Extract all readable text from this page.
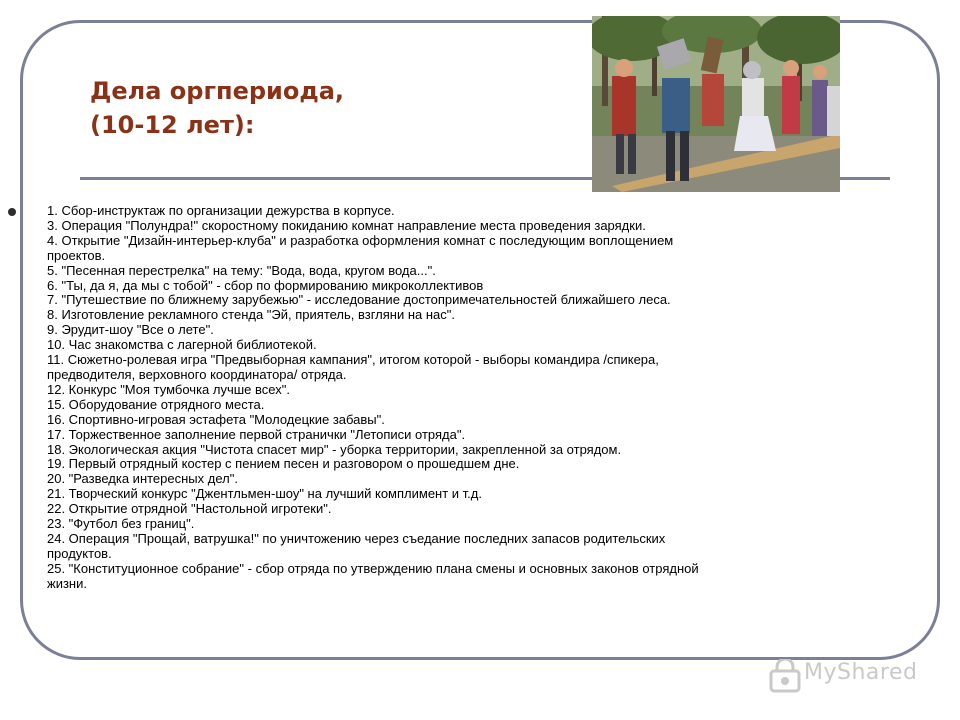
Дела оргпериода,
(10-12 лет):
1. Сбор-инструктаж по организации дежурства в корпусе.
3. Операция "Полундра!" скоростному покиданию комнат направление места проведения зарядки.
4. Открытие "Дизайн-интерьер-клуба" и разработка оформления комнат с последующим воплощением
проектов.
5. "Песенная перестрелка" на тему: "Вода, вода, кругом вода...".
6. "Ты, да я, да мы с тобой" - сбор по формированию микроколлективов
7. "Путешествие по ближнему зарубежью" - исследование достопримечательностей ближайшего леса.
8. Изготовление рекламного стенда "Эй, приятель, взгляни на нас".
9. Эрудит-шоу "Все о лете".
10. Час знакомства с лагерной библиотекой.
11. Сюжетно-ролевая игра "Предвыборная кампания", итогом которой - выборы командира /спикера,
предводителя, верховного координатора/ отряда.
12. Конкурс "Моя тумбочка лучше всех".
15. Оборудование отрядного места.
16. Спортивно-игровая эстафета "Молодецкие забавы".
17. Торжественное заполнение первой странички "Летописи отряда".
18. Экологическая акция "Чистота спасет мир" - уборка территории, закрепленной за отрядом.
19. Первый отрядный костер с пением песен и разговором о прошедшем дне.
20. "Разведка интересных дел".
21. Творческий конкурс "Джентльмен-шоу" на лучший комплимент и т.д.
22. Открытие отрядной "Настольной игротеки".
23. "Футбол без границ".
24. Операция "Прощай, ватрушка!" по уничтожению через съедание последних запасов родительских
продуктов.
25. "Конституционное собрание" - сбор отряда по утверждению плана смены и основных законов отрядной
жизни.
MyShared
